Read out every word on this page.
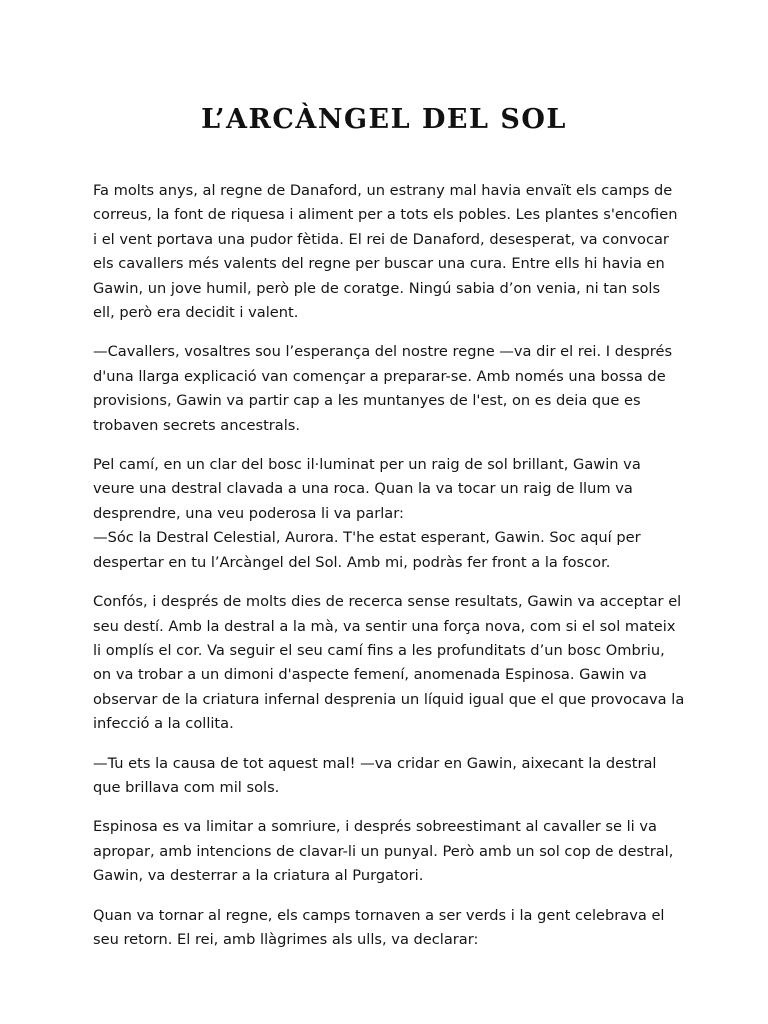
L’ARCÀNGEL DEL SOL

Fa molts anys, al regne de Danaford, un estrany mal havia envaït els camps de correus, la font de riquesa i aliment per a tots els pobles. Les plantes s'encofien i el vent portava una pudor fètida. El rei de Danaford, desesperat, va convocar els cavallers més valents del regne per buscar una cura. Entre ells hi havia en Gawin, un jove humil, però ple de coratge. Ningú sabia d’on venia, ni tan sols ell, però era decidit i valent.

—Cavallers, vosaltres sou l’esperança del nostre regne —va dir el rei. I després d'una llarga explicació van començar a preparar-se. Amb només una bossa de provisions, Gawin va partir cap a les muntanyes de l'est, on es deia que es trobaven secrets ancestrals.

Pel camí, en un clar del bosc il·luminat per un raig de sol brillant, Gawin va veure una destral clavada a una roca. Quan la va tocar un raig de llum va desprendre, una veu poderosa li va parlar:
—Sóc la Destral Celestial, Aurora. T'he estat esperant, Gawin. Soc aquí per despertar en tu l’Arcàngel del Sol. Amb mi, podràs fer front a la foscor.

Confós, i després de molts dies de recerca sense resultats, Gawin va acceptar el seu destí. Amb la destral a la mà, va sentir una força nova, com si el sol mateix li omplís el cor. Va seguir el seu camí fins a les profunditats d’un bosc Ombriu, on va trobar a un dimoni d'aspecte femení, anomenada Espinosa. Gawin va observar de la criatura infernal desprenia un líquid igual que el que provocava la infecció a la collita.

—Tu ets la causa de tot aquest mal! —va cridar en Gawin, aixecant la destral que brillava com mil sols.

Espinosa es va limitar a somriure, i després sobreestimant al cavaller se li va apropar, amb intencions de clavar-li un punyal. Però amb un sol cop de destral, Gawin, va desterrar a la criatura al Purgatori.

Quan va tornar al regne, els camps tornaven a ser verds i la gent celebrava el seu retorn. El rei, amb llàgrimes als ulls, va declarar:
